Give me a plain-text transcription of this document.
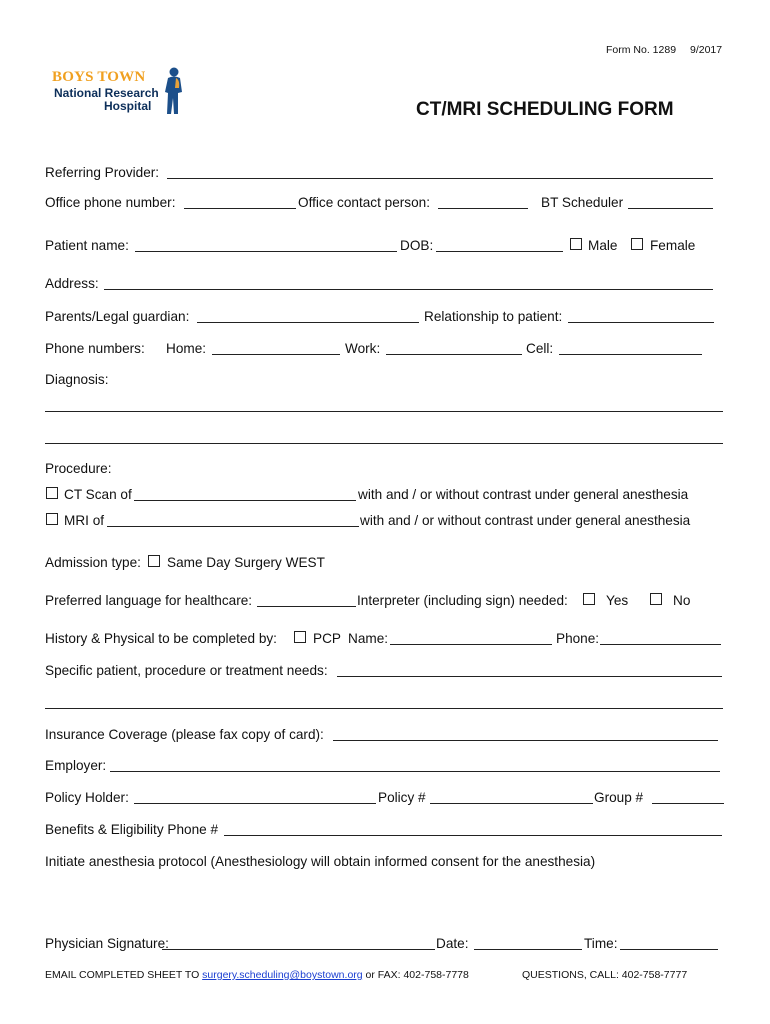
Form No. 1289 9/2017
BOYS TOWN
National Research
Hospital	CT/MRI SCHEDULING FORM
Referring Provider:
Office phone number:	Office contact person:	BT Scheduler
Patient name:	DOB:	Male Female
Address:
Parents/Legal guardian:	Relationship to patient:
Phone numbers: Home:	Work:	Cell:
Diagnosis:
Procedure:
CT Scan of	with and / or without contrast under general anesthesia
MRI of	with and / or without contrast under general anesthesia
Admission type: Same Day Surgery WEST
Preferred language for healthcare:	Interpreter (including sign) needed:	Yes	No
History & Physical to be completed by:	PCP Name:	Phone:
Specific patient, procedure or treatment needs:
Insurance Coverage (please fax copy of card):
Employer:
Policy Holder:	Policy #	Group #
Benefits & Eligibility Phone #
Initiate anesthesia protocol (Anesthesiology will obtain informed consent for the anesthesia)
Physician Signature:	Date:	Time:
EMAIL COMPLETED SHEET TO surgery.scheduling@boystown.org or FAX: 402-758-7778	QUESTIONS, CALL: 402-758-7777
